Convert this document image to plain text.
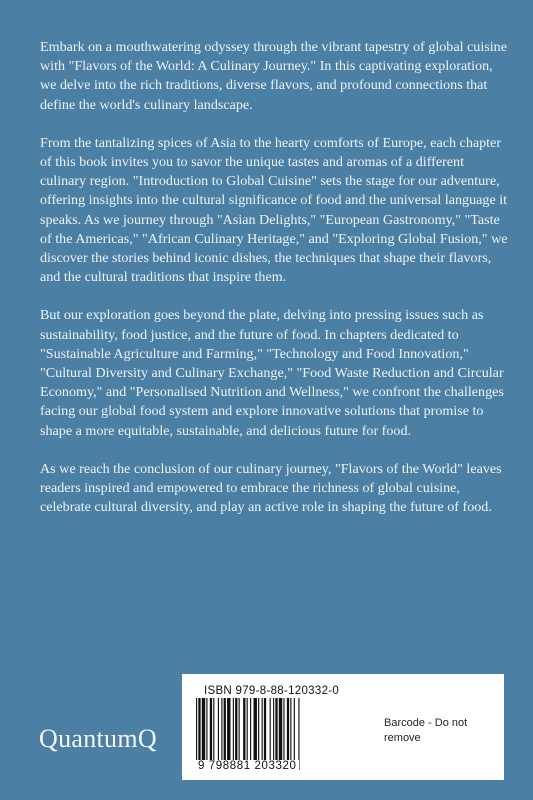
Embark on a mouthwatering odyssey through the vibrant tapestry of global cuisine with "Flavors of the World: A Culinary Journey." In this captivating exploration, we delve into the rich traditions, diverse flavors, and profound connections that define the world's culinary landscape.

From the tantalizing spices of Asia to the hearty comforts of Europe, each chapter of this book invites you to savor the unique tastes and aromas of a different culinary region. "Introduction to Global Cuisine" sets the stage for our adventure, offering insights into the cultural significance of food and the universal language it speaks. As we journey through "Asian Delights," "European Gastronomy," "Taste of the Americas," "African Culinary Heritage," and "Exploring Global Fusion," we discover the stories behind iconic dishes, the techniques that shape their flavors, and the cultural traditions that inspire them.

But our exploration goes beyond the plate, delving into pressing issues such as sustainability, food justice, and the future of food. In chapters dedicated to "Sustainable Agriculture and Farming," "Technology and Food Innovation," "Cultural Diversity and Culinary Exchange," "Food Waste Reduction and Circular Economy," and "Personalised Nutrition and Wellness," we confront the challenges facing our global food system and explore innovative solutions that promise to shape a more equitable, sustainable, and delicious future for food.

As we reach the conclusion of our culinary journey, "Flavors of the World" leaves readers inspired and empowered to embrace the richness of global cuisine, celebrate cultural diversity, and play an active role in shaping the future of food.

QuantumQ
ISBN 979-8-88-120332-0
9 798881 203320
Barcode - Do not remove
